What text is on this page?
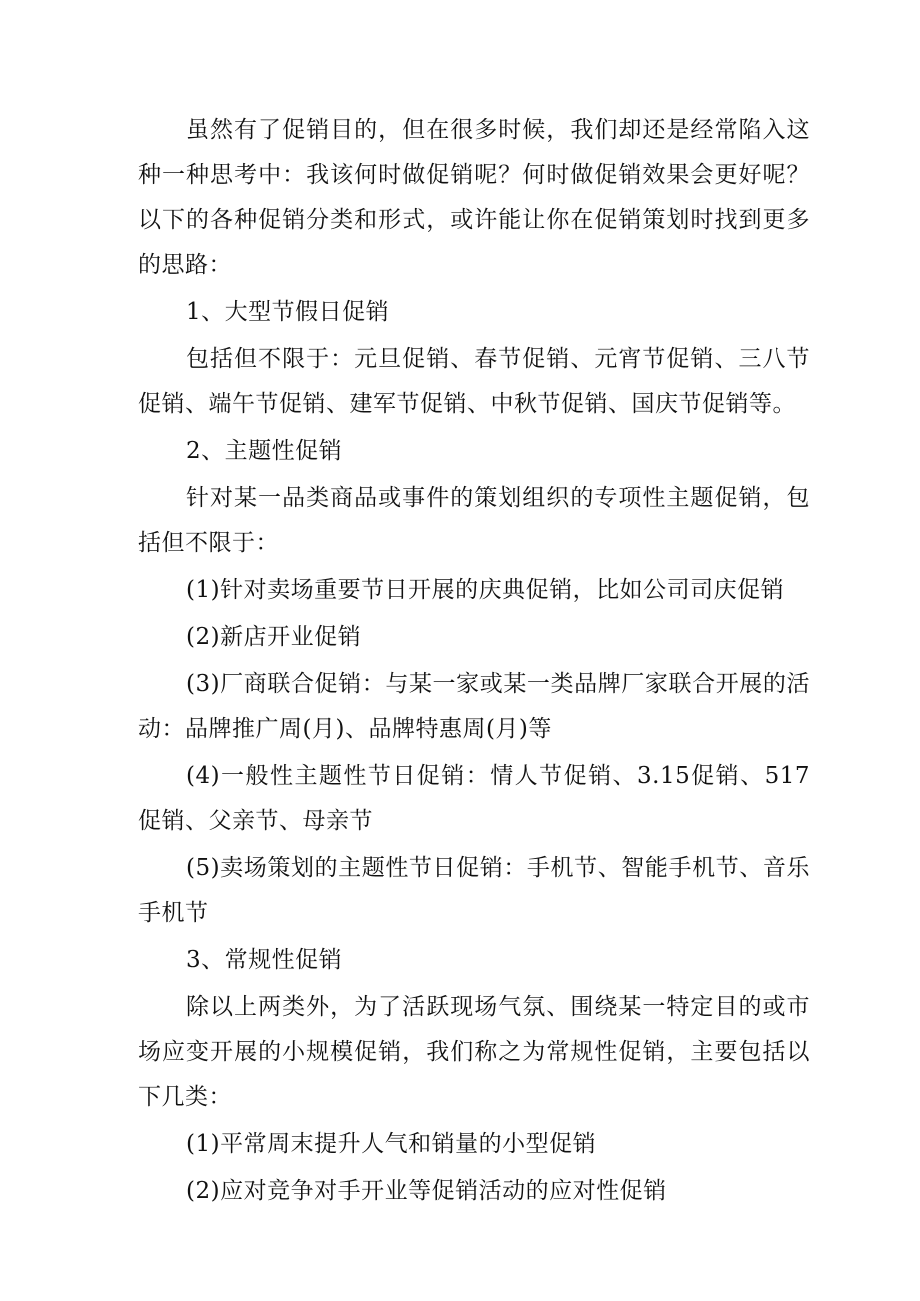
虽然有了促销目的，但在很多时候，我们却还是经常陷入这种一种思考中：我该何时做促销呢？何时做促销效果会更好呢？以下的各种促销分类和形式，或许能让你在促销策划时找到更多的思路：

1、大型节假日促销

包括但不限于：元旦促销、春节促销、元宵节促销、三八节促销、端午节促销、建军节促销、中秋节促销、国庆节促销等。

2、主题性促销

针对某一品类商品或事件的策划组织的专项性主题促销，包括但不限于：

(1)针对卖场重要节日开展的庆典促销，比如公司司庆促销

(2)新店开业促销

(3)厂商联合促销：与某一家或某一类品牌厂家联合开展的活动：品牌推广周(月)、品牌特惠周(月)等

(4)一般性主题性节日促销：情人节促销、3.15促销、517促销、父亲节、母亲节

(5)卖场策划的主题性节日促销：手机节、智能手机节、音乐手机节

3、常规性促销

除以上两类外，为了活跃现场气氛、围绕某一特定目的或市场应变开展的小规模促销，我们称之为常规性促销，主要包括以下几类：

(1)平常周末提升人气和销量的小型促销

(2)应对竞争对手开业等促销活动的应对性促销
